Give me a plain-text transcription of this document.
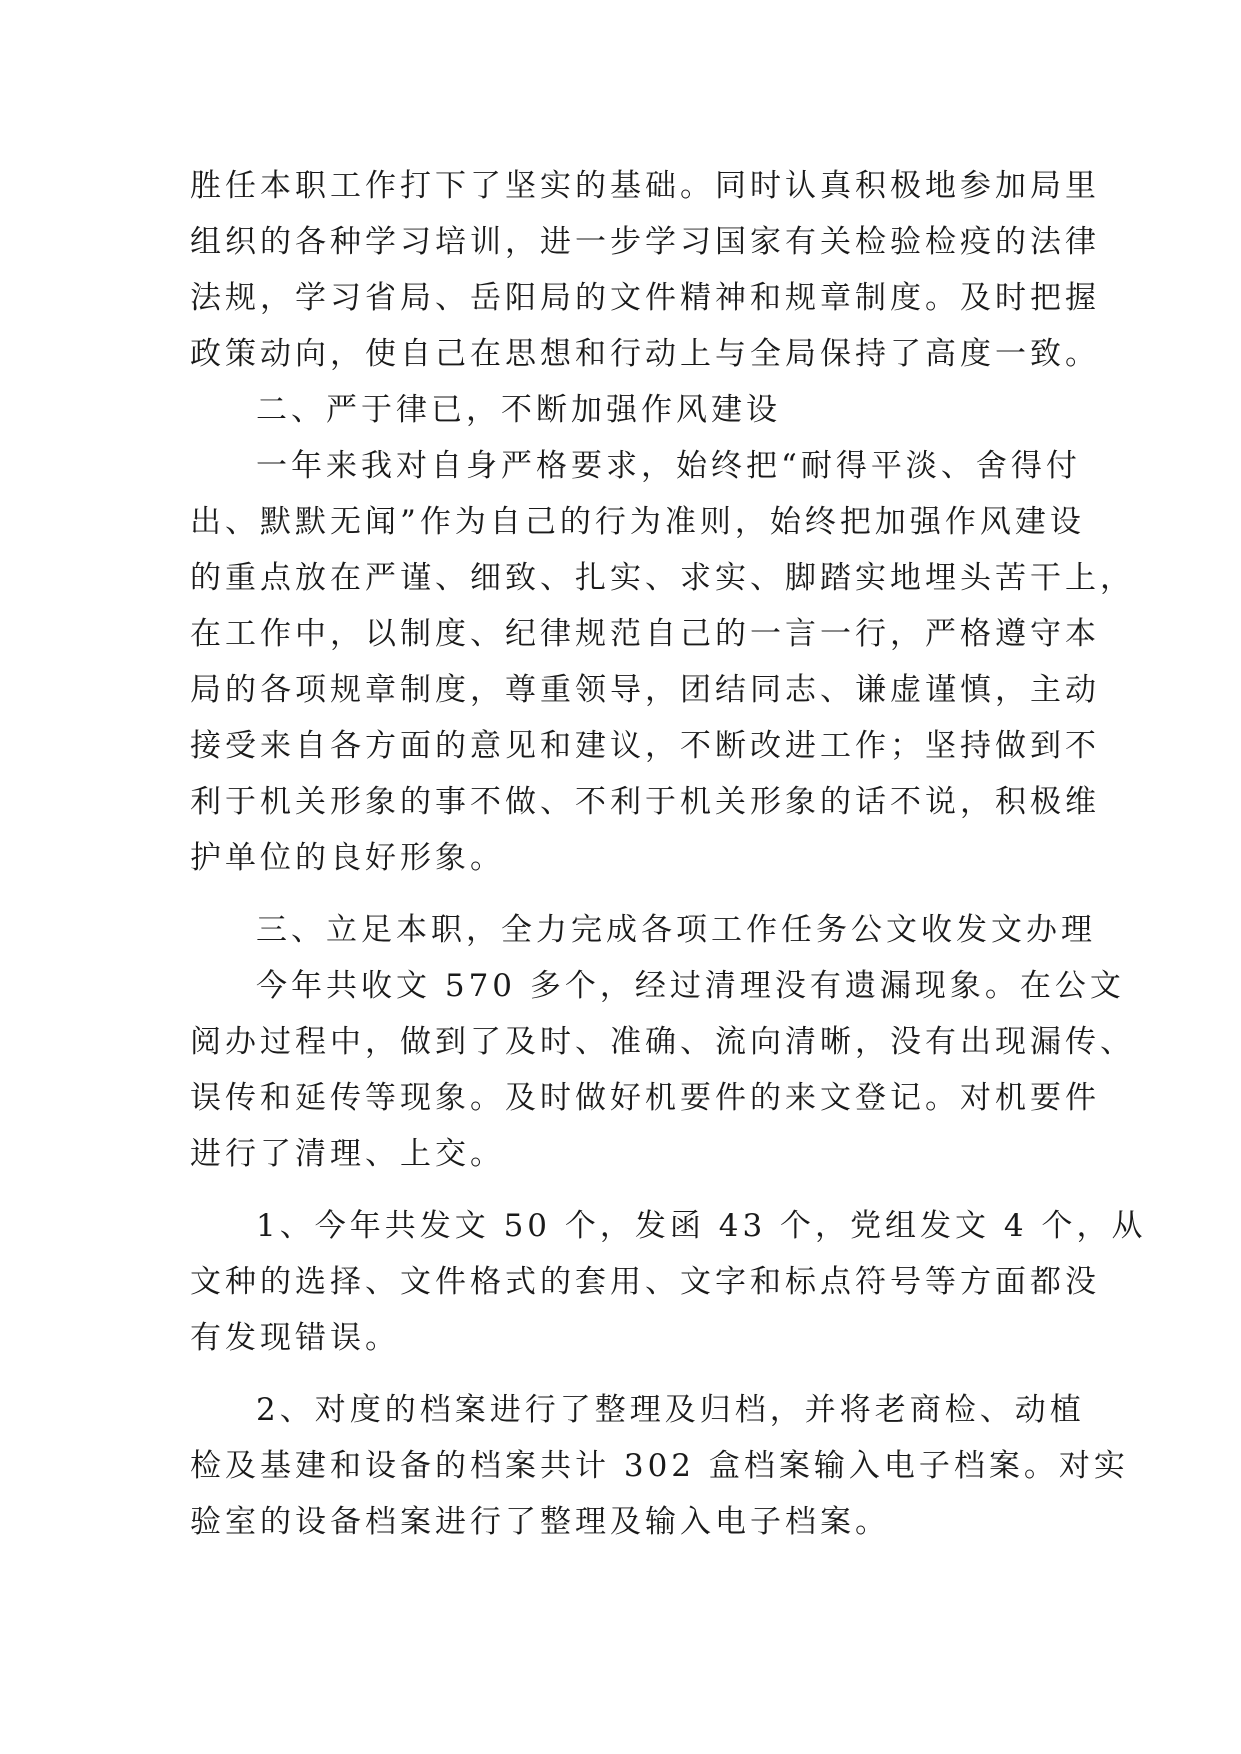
胜任本职工作打下了坚实的基础。同时认真积极地参加局里
组织的各种学习培训，进一步学习国家有关检验检疫的法律
法规，学习省局、岳阳局的文件精神和规章制度。及时把握
政策动向，使自己在思想和行动上与全局保持了高度一致。

二、严于律已，不断加强作风建设

一年来我对自身严格要求，始终把“耐得平淡、舍得付
出、默默无闻”作为自己的行为准则，始终把加强作风建设
的重点放在严谨、细致、扎实、求实、脚踏实地埋头苦干上，
在工作中，以制度、纪律规范自己的一言一行，严格遵守本
局的各项规章制度，尊重领导，团结同志、谦虚谨慎，主动
接受来自各方面的意见和建议，不断改进工作；坚持做到不
利于机关形象的事不做、不利于机关形象的话不说，积极维
护单位的良好形象。

三、立足本职，全力完成各项工作任务公文收发文办理

今年共收文 570 多个，经过清理没有遗漏现象。在公文
阅办过程中，做到了及时、准确、流向清晰，没有出现漏传、
误传和延传等现象。及时做好机要件的来文登记。对机要件
进行了清理、上交。

1、今年共发文 50 个，发函 43 个，党组发文 4 个，从
文种的选择、文件格式的套用、文字和标点符号等方面都没
有发现错误。

2、对度的档案进行了整理及归档，并将老商检、动植
检及基建和设备的档案共计 302 盒档案输入电子档案。对实
验室的设备档案进行了整理及输入电子档案。
